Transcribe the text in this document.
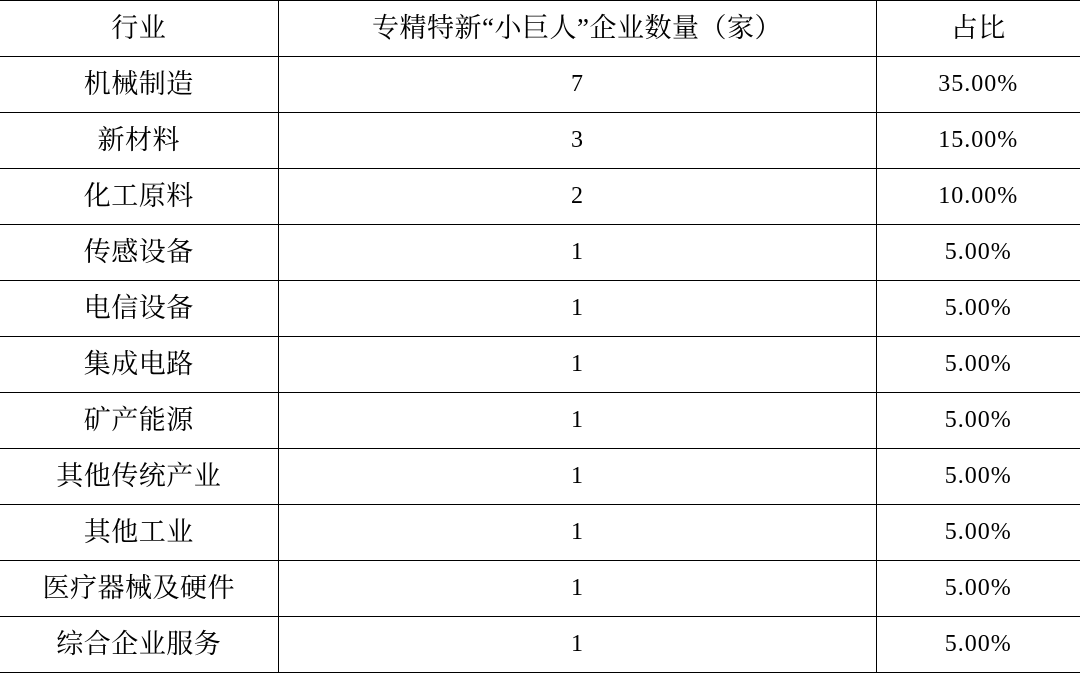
行业	专精特新“小巨人”企业数量（家）	占比
机械制造	7	35.00%
新材料	3	15.00%
化工原料	2	10.00%
传感设备	1	5.00%
电信设备	1	5.00%
集成电路	1	5.00%
矿产能源	1	5.00%
其他传统产业	1	5.00%
其他工业	1	5.00%
医疗器械及硬件	1	5.00%
综合企业服务	1	5.00%
